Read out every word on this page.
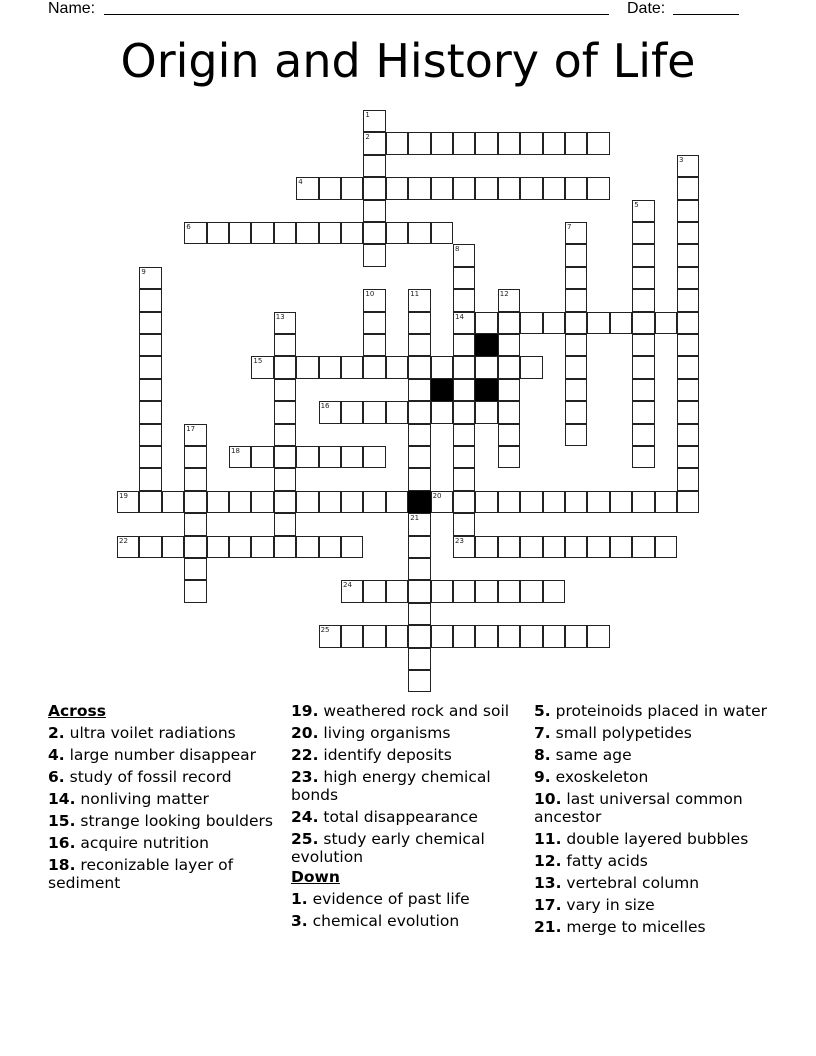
Name:	Date:
Origin and History of Life
2
4
6
14
15
16
18
19	20
22	23
24
25
1
3
5
7
8
9
10	11	12
13
17
21
Across
2. ultra voilet radiations
4. large number disappear
6. study of fossil record
14. nonliving matter
15. strange looking boulders
16. acquire nutrition
18. reconizable layer of sediment
19. weathered rock and soil
20. living organisms
22. identify deposits
23. high energy chemical bonds
24. total disappearance
25. study early chemical evolution
Down
1. evidence of past life
3. chemical evolution
5. proteinoids placed in water
7. small polypetides
8. same age
9. exoskeleton
10. last universal common ancestor
11. double layered bubbles
12. fatty acids
13. vertebral column
17. vary in size
21. merge to micelles
